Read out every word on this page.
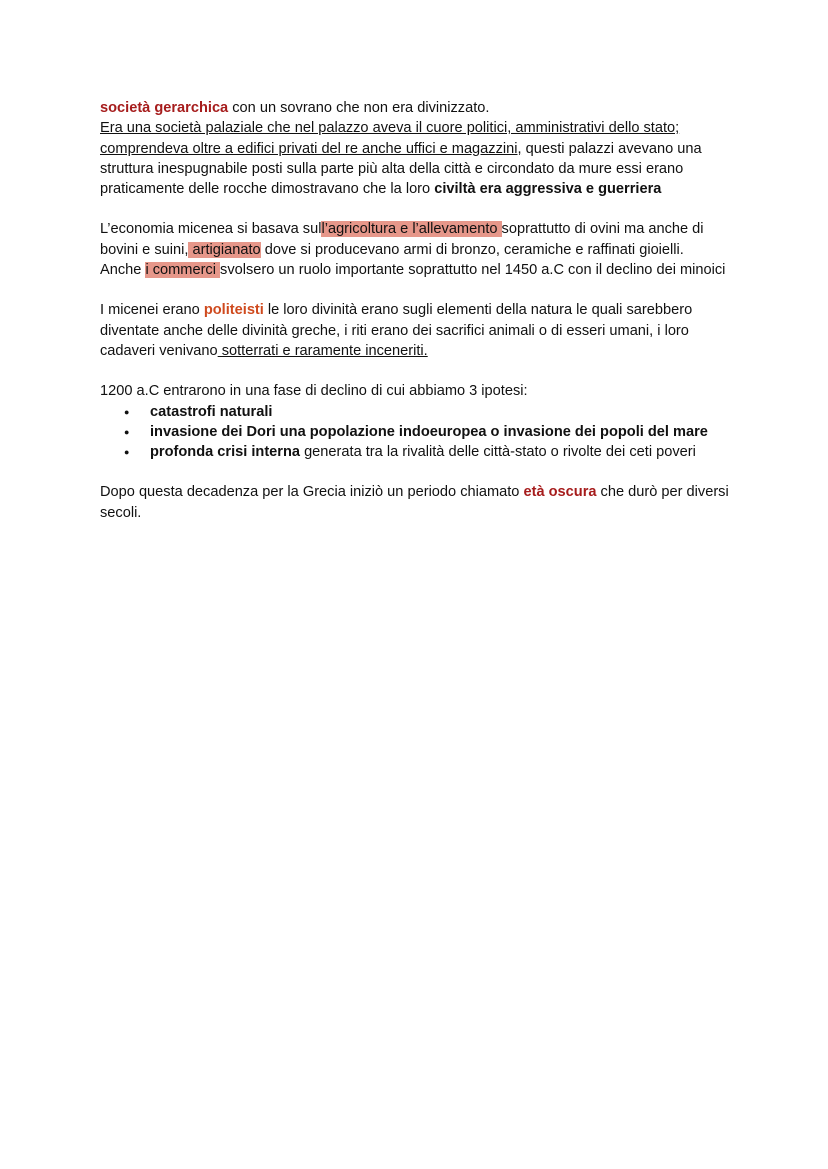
società gerarchica con un sovrano che non era divinizzato.
Era una società palaziale che nel palazzo aveva il cuore politici, amministrativi dello stato; comprendeva oltre a edifici privati del re anche uffici e magazzini, questi palazzi avevano una struttura inespugnabile posti sulla parte più alta della città e circondato da mure essi erano praticamente delle rocche dimostravano che la loro civiltà era aggressiva e guerriera

L’economia micenea si basava sull’agricoltura e l’allevamento soprattutto di ovini ma anche di bovini e suini, artigianato dove si producevano armi di bronzo, ceramiche e raffinati gioielli.
Anche i commerci svolsero un ruolo importante soprattutto nel 1450 a.C con il declino dei minoici

I micenei erano politeisti le loro divinità erano sugli elementi della natura le quali sarebbero diventate anche delle divinità greche, i riti erano dei sacrifici animali o di esseri umani, i loro cadaveri venivano sotterrati e raramente inceneriti.

1200 a.C entrarono in una fase di declino di cui abbiamo 3 ipotesi:

● catastrofi naturali
● invasione dei Dori una popolazione indoeuropea o invasione dei popoli del mare
● profonda crisi interna generata tra la rivalità delle città-stato o rivolte dei ceti poveri

Dopo questa decadenza per la Grecia iniziò un periodo chiamato età oscura che durò per diversi secoli.
